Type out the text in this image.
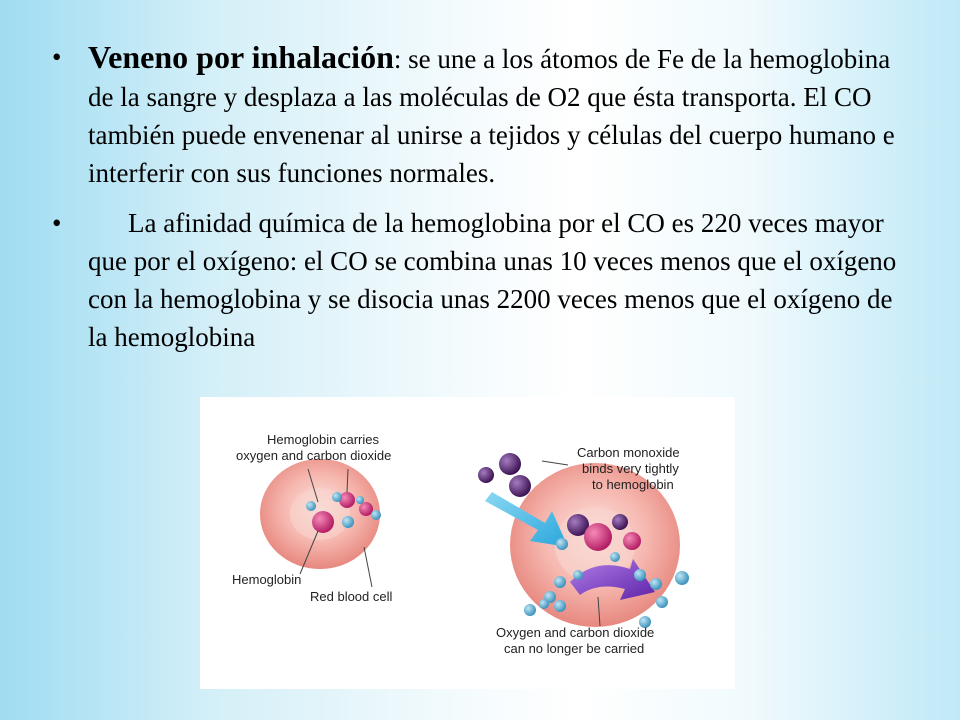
• Veneno por inhalación: se une a los átomos de Fe de la hemoglobina de la sangre y desplaza a las moléculas de O2 que ésta transporta. El CO también puede envenenar al unirse a tejidos y células del cuerpo humano e interferir con sus funciones normales.
• La afinidad química de la hemoglobina por el CO es 220 veces mayor que por el oxígeno: el CO se combina unas 10 veces menos que el oxígeno con la hemoglobina y se disocia unas 2200 veces menos que el oxígeno de la hemoglobina
Hemoglobin carries
oxygen and carbon dioxide
Hemoglobin
Red blood cell
Carbon monoxide
binds very tightly
to hemoglobin
Oxygen and carbon dioxide
can no longer be carried
